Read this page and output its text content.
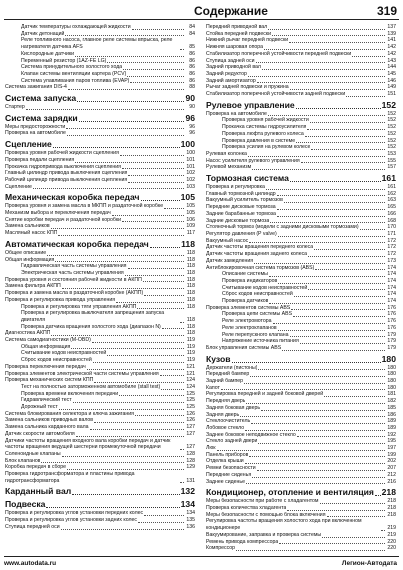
Содержание	319
Датчик температуры охлаждающей жидкости	84
Датчик детонаций	84
Реле топливного насоса, главное реле системы впрыска, реле нагревателя датчика AFS	85
Кислородные датчики	86
Переменный резистор (1AZ-FE LG)	86
Система принудительного холостого хода	86
Клапан системы вентиляции картера (PCV)	86
Система улавливания паров топлива (EVAP)	86
Система зажигания DIS-4	88
Система запуска	90
Стартер	90
Система зарядки	96
Меры предосторожности	96
Проверка на автомобиле	96
Сцепление	100
Проверка уровня рабочей жидкости сцепления	100
Проверка педали сцепления	101
Прокачка гидропривода выключения сцепления	101
Главный цилиндр привода выключения сцепления	102
Рабочий цилиндр привода выключения сцепления	102
Сцепление	103
Механическая коробка передач	105
Проверка уровня и замена масла в МКПП и раздаточной коробке	105
Механизм выбора и переключения передач	105
Снятие коробки передач и раздаточной коробки	106
Замена сальников	109
Масляный насос КПП	117
Автоматическая коробка передач	118
Общее описание	118
Общая информация	118
Гидравлическая часть системы управления	118
Электрическая часть системы управления	118
Проверка уровня и состояния рабочей жидкости в АКПП	118
Замена фильтра АКПП	118
Проверка и замена масла в раздаточной коробке (АКПП)	118
Проверка и регулировка привода управления	118
Проверка и регулировка тяги управления АКПП	118
Проверка и регулировка выключателя запрещения запуска двигателя	118
Проверка датчика вращения холостого хода (диапазон N)	118
Диагностика АКПП	118
Система самодиагностики (M-OBD)	119
Общая информация	119
Считывание кодов неисправностей	119
Сброс кодов неисправностей	119
Проверка переключения передач	121
Проверка элементов электрической части системы управления	121
Проверка механических систем КПП	124
Тест на полностью заторможенном автомобиле (stall test)	124
Проверка времени включения передачи	125
Гидравлический тест	125
Дорожный тест	125
Система блокирования селектора и ключа зажигания	126
Замена сальников приводных валов	126
Замена сальника карданного вала	127
Датчик скорости автомобиля	127
Датчики частоты вращения входного вала коробки передач и датчик частоты вращения ведущей шестерни промежуточной передачи	127
Соленоидные клапаны	128
Блок клапанов	128
Коробка передач в сборе	129
Проверка гидротрансформатора и пластины привода гидротрансформатора	131
Карданный вал	132
Подвеска	134
Проверка и регулировка углов установки передних колес	134
Проверка и регулировка углов установки задних колес	135
Ступица передней оси	136
Передний приводной вал	137
Стойка передней подвески	139
Нижний рычаг передней подвески	141
Нижняя шаровая опора	142
Стабилизатор поперечной устойчивости передней подвески	142
Ступица задней оси	143
Задний приводной вал	144
Задний редуктор	145
Задний амортизатор	146
Рычаг задней подвески и пружина	149
Стабилизатор поперечной устойчивости задней подвески	151
Рулевое управление	152
Проверка на автомобиле	152
Проверка уровня рабочей жидкости	152
Прокачка системы гидроусилителя	152
Проверка люфта рулевого колеса	152
Проверка давления в системе	152
Проверка усилия на рулевом колесе	152
Рулевая колонка	153
Насос усилителя рулевого управления	155
Рулевой механизм	157
Тормозная система	161
Проверка и регулировка	161
Главный тормозной цилиндр	162
Вакуумный усилитель тормозов	163
Передние дисковые тормоза	165
Задние барабанные тормоза	166
Задние дисковые тормоза	168
Стояночный тормоз (модели с задними дисковыми тормозами)	170
Регулятор давления (P valve)	171
Вакуумный насос	172
Датчик частоты вращения переднего колеса	172
Датчик частоты вращения заднего колеса	172
Датчик замедления	173
Антиблокировочная система тормозов (ABS)	174
Описание системы	174
Проверка индикаторов	174
Считывание кодов неисправностей	174
Сброс кодов неисправностей	174
Проверка датчиков	174
Проверка элементов системы ABS	176
Проверка цепи системы ABS	176
Реле электромотора	176
Реле электроклапанов	176
Реле перепускного клапана	179
Напряжение источника питания	179
Блок управления системы ABS	179
Кузов	180
Держатели (пистоны)	180
Передний бампер	180
Задний бампер	180
Капот	180
Регулировка передней и задней боковой дверей	181
Передняя дверь	182
Задняя боковая дверь	185
Задняя дверь	186
Стеклоочиститель	189
Лобовое стекло	189
Заднее боковое неподвижное стекло	192
Стекло задней двери	195
Люк	197
Панель приборов	199
Отделка крыши	202
Ремни безопасности	207
Передние сиденья	212
Заднее сиденье	216
Кондиционер, отопление и вентиляция 218
Меры безопасности при работе с хладагентом	218
Проверка количества хладагента	218
Меры безопасности с помощью блока включения	218
Регулировка частоты вращения холостого хода при включенном кондиционере	219
Вакуумирование, заправка и проверка системы	219
Ремень привода компрессора	220
Компрессор	220
www.autodata.ru	Легион-Автодата
